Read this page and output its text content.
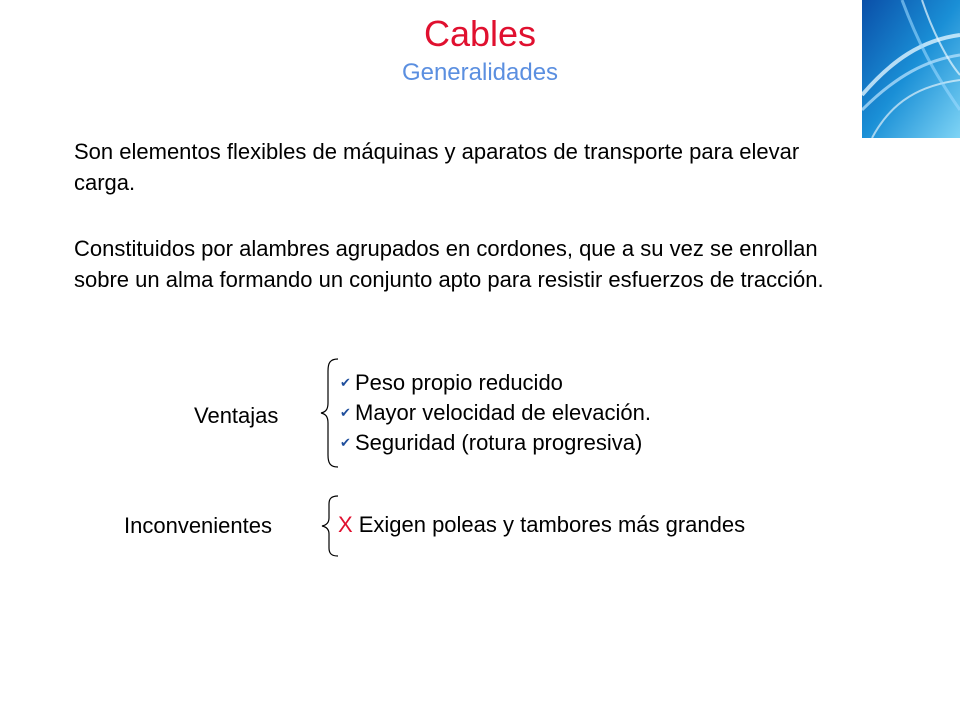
Cables
Generalidades
Son elementos flexibles de máquinas y aparatos de transporte para elevar carga.
Constituidos por alambres agrupados en cordones, que a su vez se enrollan sobre un alma formando un conjunto apto para resistir esfuerzos de tracción.
Ventajas
✔ Peso propio reducido
✔ Mayor velocidad de elevación.
✔ Seguridad (rotura progresiva)
Inconvenientes	X Exigen poleas y tambores más grandes
